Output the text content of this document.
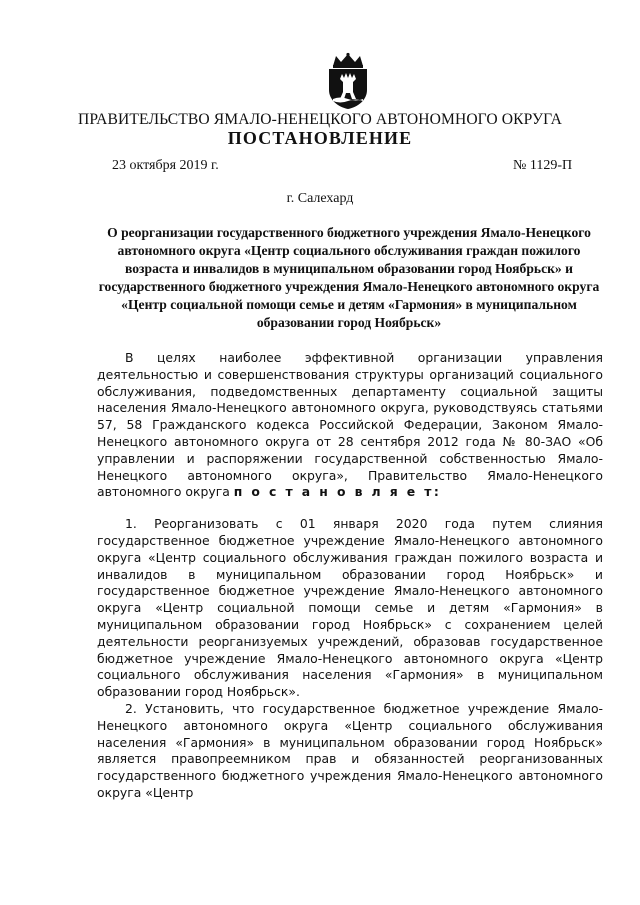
ПРАВИТЕЛЬСТВО ЯМАЛО-НЕНЕЦКОГО АВТОНОМНОГО ОКРУГА
ПОСТАНОВЛЕНИЕ
23 октября 2019 г.	№ 1129-П
г. Салехард
О реорганизации государственного бюджетного учреждения Ямало-Ненецкого автономного округа «Центр социального обслуживания граждан пожилого возраста и инвалидов в муниципальном образовании город Ноябрьск» и государственного бюджетного учреждения Ямало-Ненецкого автономного округа «Центр социальной помощи семье и детям «Гармония» в муниципальном образовании город Ноябрьск»

В целях наиболее эффективной организации управления деятельностью и совершенствования структуры организаций социального обслуживания, подведомственных департаменту социальной защиты населения Ямало-Ненецкого автономного округа, руководствуясь статьями 57, 58 Гражданского кодекса Российской Федерации, Законом Ямало-Ненецкого автономного округа от 28 сентября 2012 года № 80-ЗАО «Об управлении и распоряжении государственной собственностью Ямало-Ненецкого автономного округа», Правительство Ямало-Ненецкого автономного округа п о с т а н о в л я е т:

1. Реорганизовать с 01 января 2020 года путем слияния государственное бюджетное учреждение Ямало-Ненецкого автономного округа «Центр социального обслуживания граждан пожилого возраста и инвалидов в муниципальном образовании город Ноябрьск» и государственное бюджетное учреждение Ямало-Ненецкого автономного округа «Центр социальной помощи семье и детям «Гармония» в муниципальном образовании город Ноябрьск» с сохранением целей деятельности реорганизуемых учреждений, образовав государственное бюджетное учреждение Ямало-Ненецкого автономного округа «Центр социального обслуживания населения «Гармония» в муниципальном образовании город Ноябрьск».

2. Установить, что государственное бюджетное учреждение Ямало-Ненецкого автономного округа «Центр социального обслуживания населения «Гармония» в муниципальном образовании город Ноябрьск» является правопреемником прав и обязанностей реорганизованных государственного бюджетного учреждения Ямало-Ненецкого автономного округа «Центр
